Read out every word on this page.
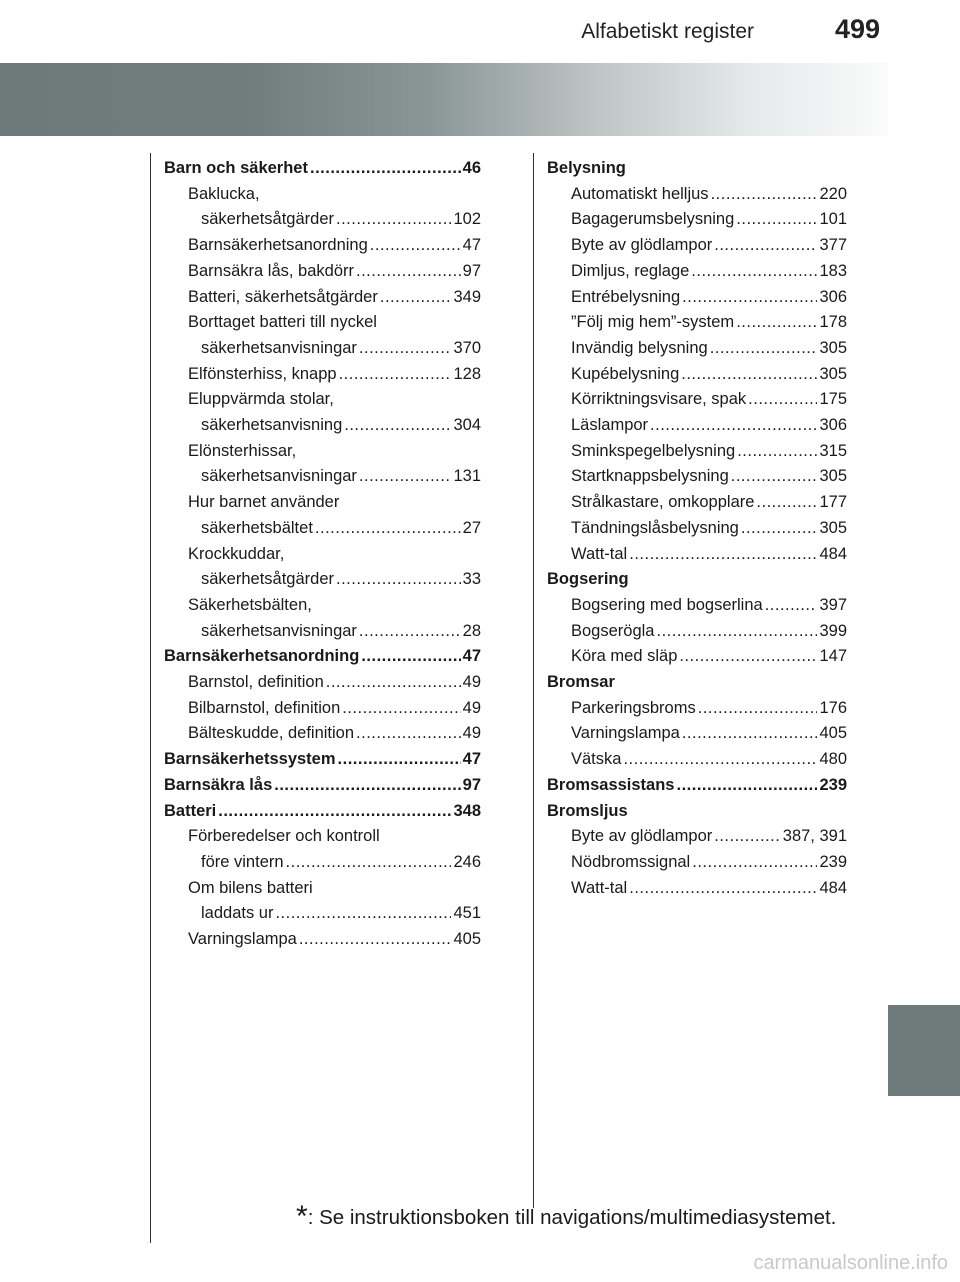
Alfabetiskt register	499
Barn och säkerhet .....	46
Baklucka,
säkerhetsåtgärder .....	102
Barnsäkerhetsanordning .....	47
Barnsäkra lås, bakdörr .....	97
Batteri, säkerhetsåtgärder .....	349
Borttaget batteri till nyckel
säkerhetsanvisningar .....	370
Elfönsterhiss, knapp .....	128
Eluppvärmda stolar,
säkerhetsanvisning .....	304
Elönsterhissar,
säkerhetsanvisningar .....	131
Hur barnet använder
säkerhetsbältet .....	27
Krockkuddar,
säkerhetsåtgärder .....	33
Säkerhetsbälten,
säkerhetsanvisningar .....	28
Barnsäkerhetsanordning .....	47
Barnstol, definition .....	49
Bilbarnstol, definition .....	49
Bälteskudde, definition .....	49
Barnsäkerhetssystem .....	47
Barnsäkra lås .....	97
Batteri .....	348
Förberedelser och kontroll
före vintern .....	246
Om bilens batteri
laddats ur .....	451
Varningslampa .....	405
Belysning
Automatiskt helljus .....	220
Bagagerumsbelysning .....	101
Byte av glödlampor .....	377
Dimljus, reglage .....	183
Entrébelysning .....	306
”Följ mig hem”-system .....	178
Invändig belysning .....	305
Kupébelysning .....	305
Körriktningsvisare, spak .....	175
Läslampor .....	306
Sminkspegelbelysning .....	315
Startknappsbelysning .....	305
Strålkastare, omkopplare .....	177
Tändningslåsbelysning .....	305
Watt-tal .....	484
Bogsering
Bogsering med bogserlina .....	397
Bogserögla .....	399
Köra med släp .....	147
Bromsar
Parkeringsbroms .....	176
Varningslampa .....	405
Vätska .....	480
Bromsassistans .....	239
Bromsljus
Byte av glödlampor .....	387, 391
Nödbromssignal .....	239
Watt-tal .....	484
*: Se instruktionsboken till navigations/multimediasystemet.
carmanualsonline.info
